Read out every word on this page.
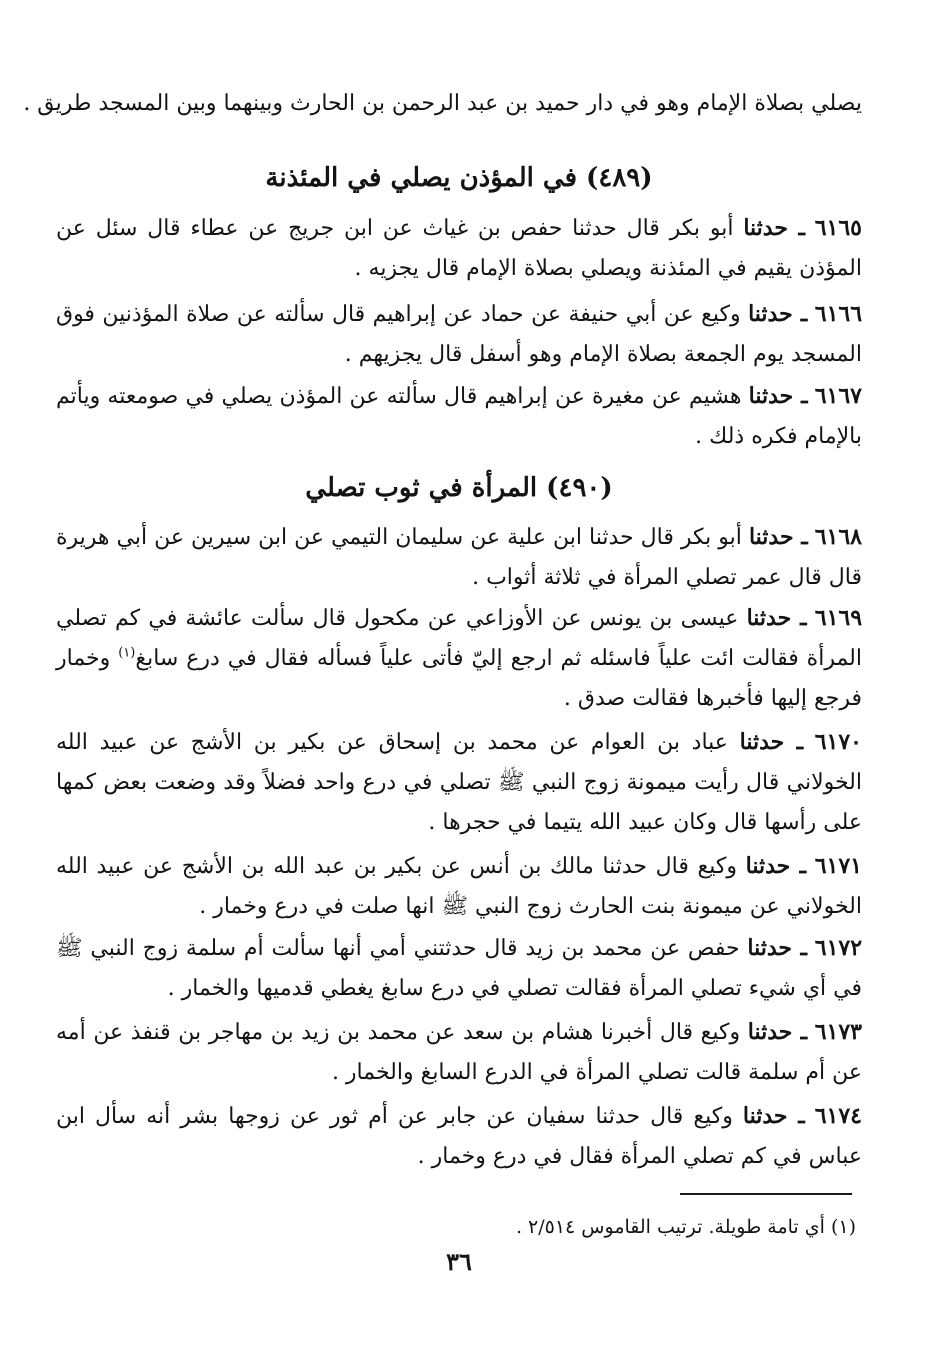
يصلي بصلاة الإمام وهو في دار حميد بن عبد الرحمن بن الحارث وبينهما وبين المسجد طريق .
(٤٨٩) في المؤذن يصلي في المئذنة
٦١٦٥ ـ حدثنا أبو بكر قال حدثنا حفص بن غياث عن ابن جريج عن عطاء قال سئل عن المؤذن يقيم في المئذنة ويصلي بصلاة الإمام قال يجزيه .
٦١٦٦ ـ حدثنا وكيع عن أبي حنيفة عن حماد عن إبراهيم قال سألته عن صلاة المؤذنين فوق المسجد يوم الجمعة بصلاة الإمام وهو أسفل قال يجزيهم .
٦١٦٧ ـ حدثنا هشيم عن مغيرة عن إبراهيم قال سألته عن المؤذن يصلي في صومعته ويأتم بالإمام فكره ذلك .
(٤٩٠) المرأة في ثوب تصلي
٦١٦٨ ـ حدثنا أبو بكر قال حدثنا ابن علية عن سليمان التيمي عن ابن سيرين عن أبي هريرة قال قال عمر تصلي المرأة في ثلاثة أثواب .
٦١٦٩ ـ حدثنا عيسى بن يونس عن الأوزاعي عن مكحول قال سألت عائشة في كم تصلي المرأة فقالت ائت علياً فاسئله ثم ارجع إليّ فأتى علياً فسأله فقال في درع سابغ$^{(١)}$ وخمار فرجع إليها فأخبرها فقالت صدق .
٦١٧٠ ـ حدثنا عباد بن العوام عن محمد بن إسحاق عن بكير بن الأشج عن عبيد الله الخولاني قال رأيت ميمونة زوج النبي ﷺ تصلي في درع واحد فضلاً وقد وضعت بعض كمها على رأسها قال وكان عبيد الله يتيما في حجرها .
٦١٧١ ـ حدثنا وكيع قال حدثنا مالك بن أنس عن بكير بن عبد الله بن الأشج عن عبيد الله الخولاني عن ميمونة بنت الحارث زوج النبي ﷺ انها صلت في درع وخمار .
٦١٧٢ ـ حدثنا حفص عن محمد بن زيد قال حدثتني أمي أنها سألت أم سلمة زوج النبي ﷺ في أي شيء تصلي المرأة فقالت تصلي في درع سابغ يغطي قدميها والخمار .
٦١٧٣ ـ حدثنا وكيع قال أخبرنا هشام بن سعد عن محمد بن زيد بن مهاجر بن قنفذ عن أمه عن أم سلمة قالت تصلي المرأة في الدرع السابغ والخمار .
٦١٧٤ ـ حدثنا وكيع قال حدثنا سفيان عن جابر عن أم ثور عن زوجها بشر أنه سأل ابن عباس في كم تصلي المرأة فقال في درع وخمار .
(١) أي تامة طويلة. ترتيب القاموس ٢/٥١٤ .
٣٦
